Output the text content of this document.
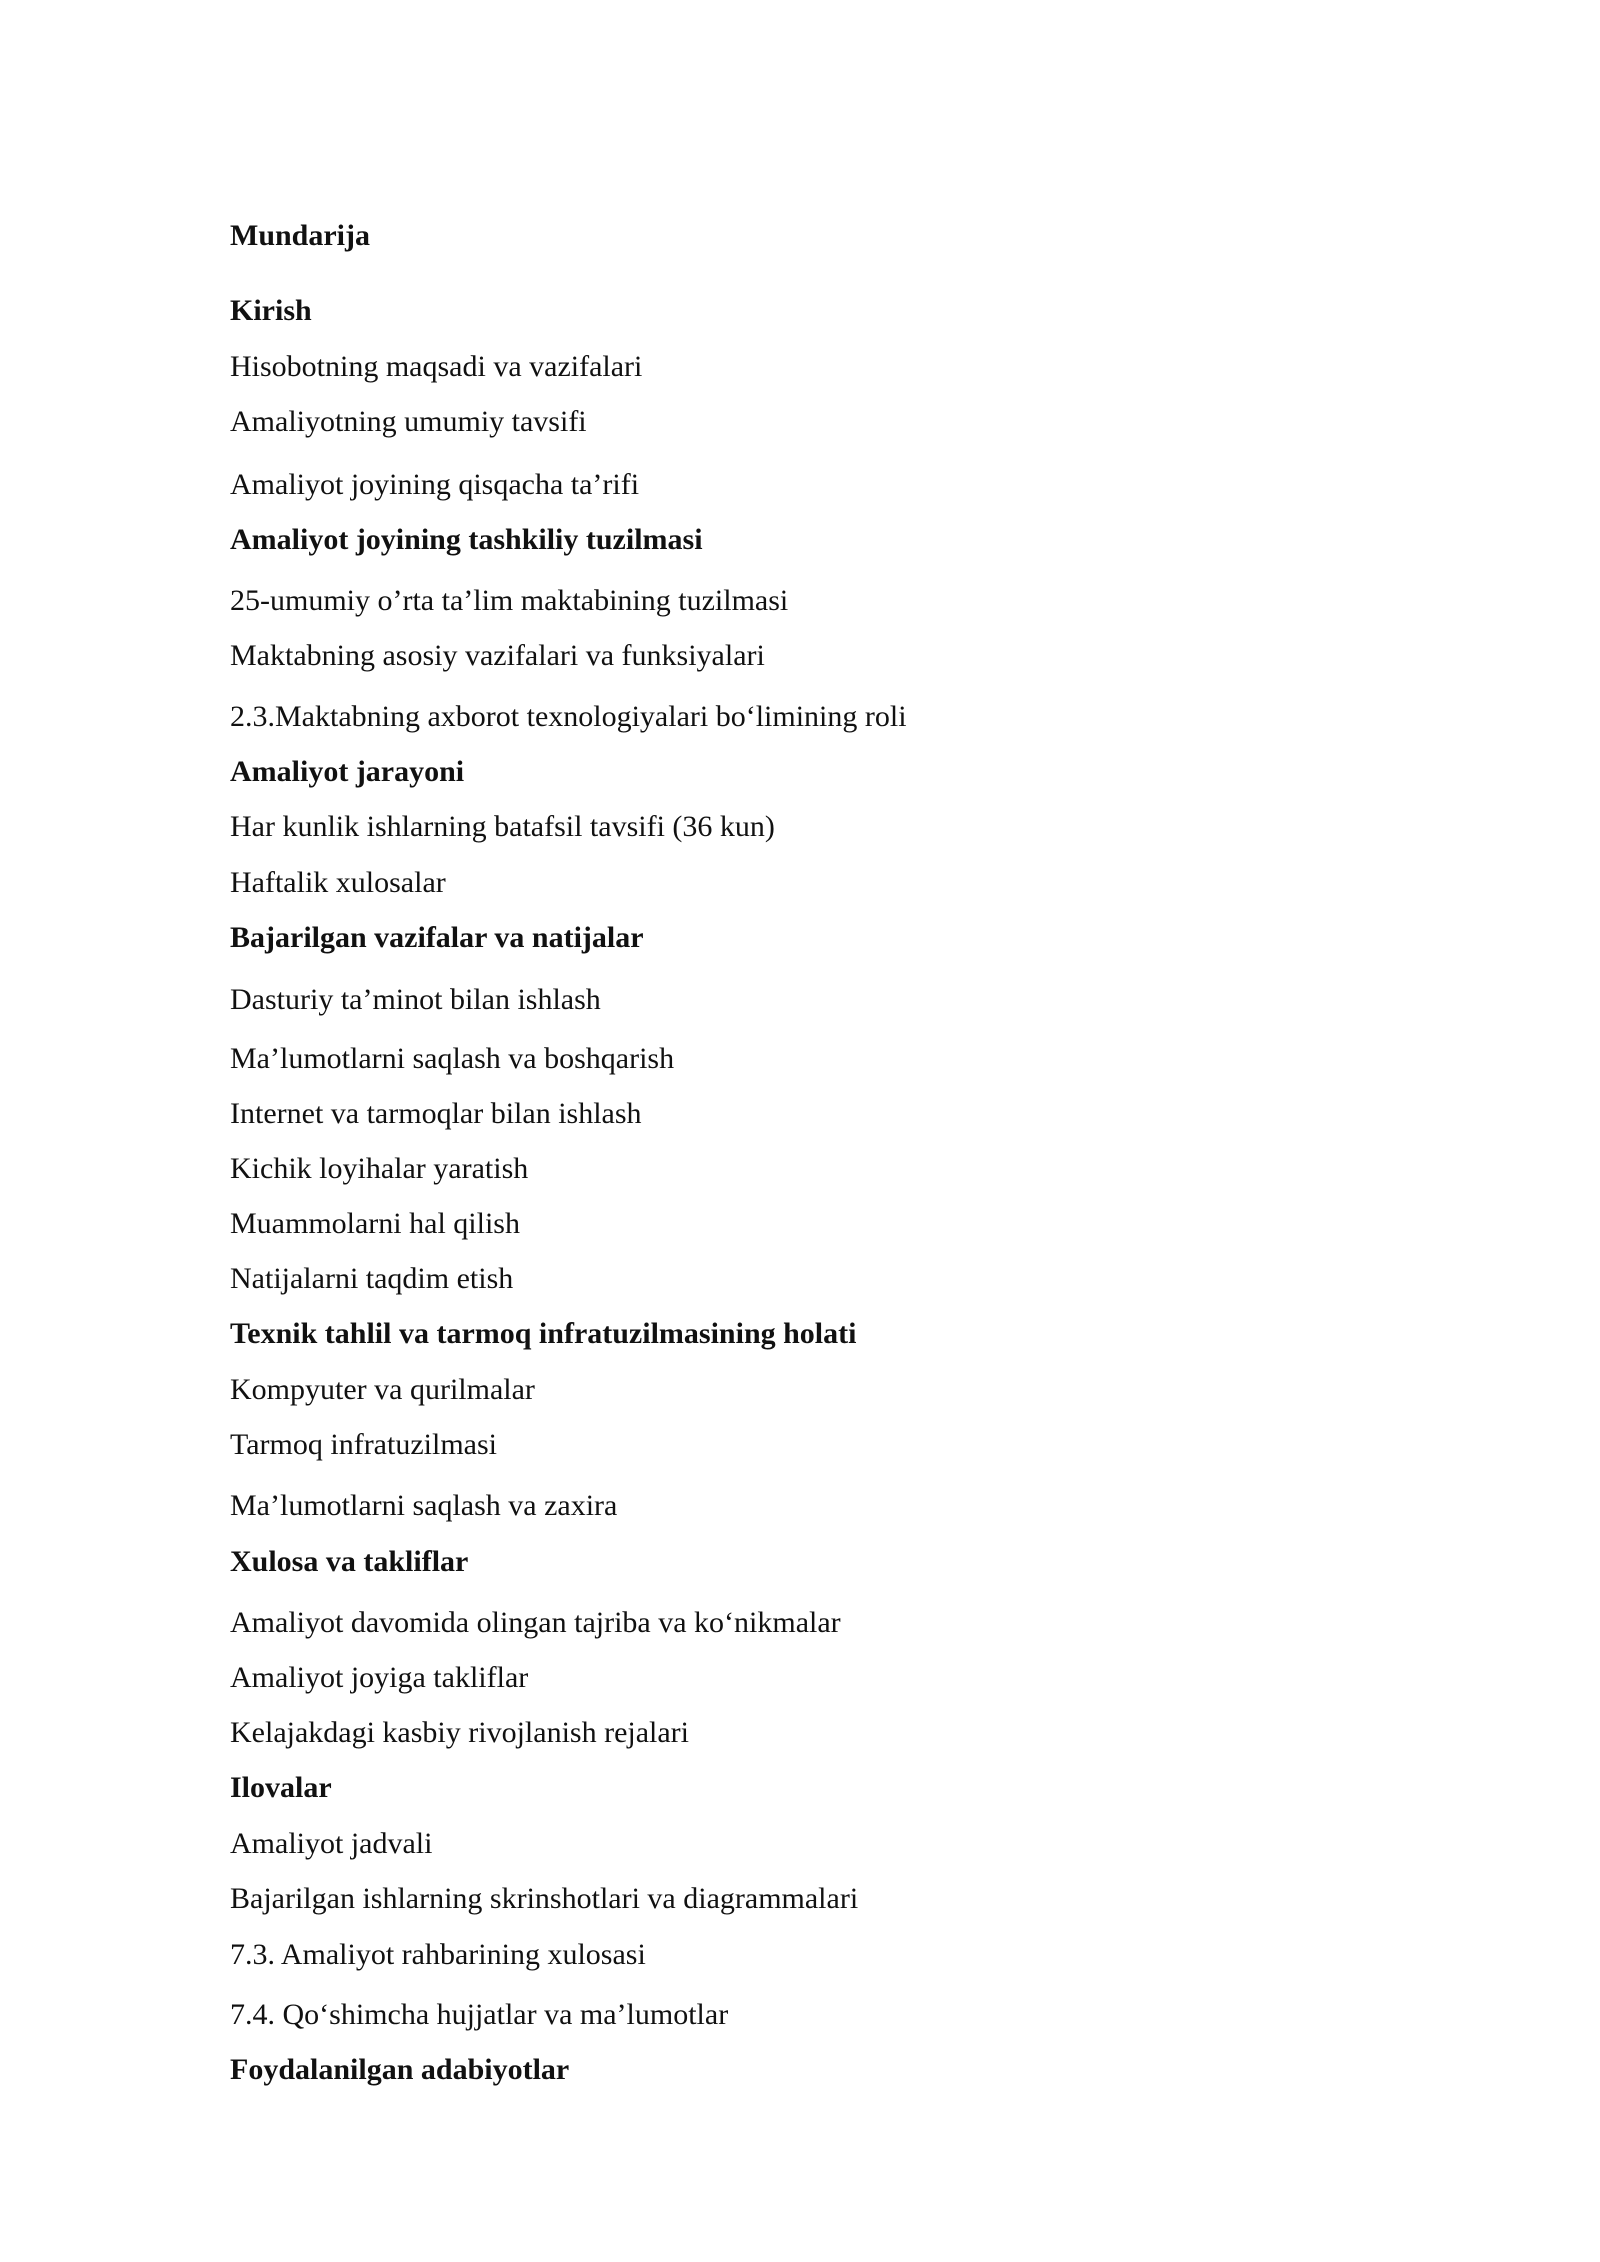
Mundarija

Kirish

Hisobotning maqsadi va vazifalari

Amaliyotning umumiy tavsifi

Amaliyot joyining qisqacha ta’rifi

Amaliyot joyining tashkiliy tuzilmasi

25-umumiy o’rta ta’lim maktabining tuzilmasi

Maktabning asosiy vazifalari va funksiyalari

2.3.Maktabning axborot texnologiyalari bo‘limining roli

Amaliyot jarayoni

Har kunlik ishlarning batafsil tavsifi (36 kun)

Haftalik xulosalar

Bajarilgan vazifalar va natijalar

Dasturiy ta’minot bilan ishlash

Ma’lumotlarni saqlash va boshqarish

Internet va tarmoqlar bilan ishlash

Kichik loyihalar yaratish

Muammolarni hal qilish

Natijalarni taqdim etish

Texnik tahlil va tarmoq infratuzilmasining holati

Kompyuter va qurilmalar

Tarmoq infratuzilmasi

Ma’lumotlarni saqlash va zaxira

Xulosa va takliflar

Amaliyot davomida olingan tajriba va ko‘nikmalar

Amaliyot joyiga takliflar

Kelajakdagi kasbiy rivojlanish rejalari

Ilovalar

Amaliyot jadvali

Bajarilgan ishlarning skrinshotlari va diagrammalari

7.3. Amaliyot rahbarining xulosasi

7.4. Qo‘shimcha hujjatlar va ma’lumotlar

Foydalanilgan adabiyotlar
